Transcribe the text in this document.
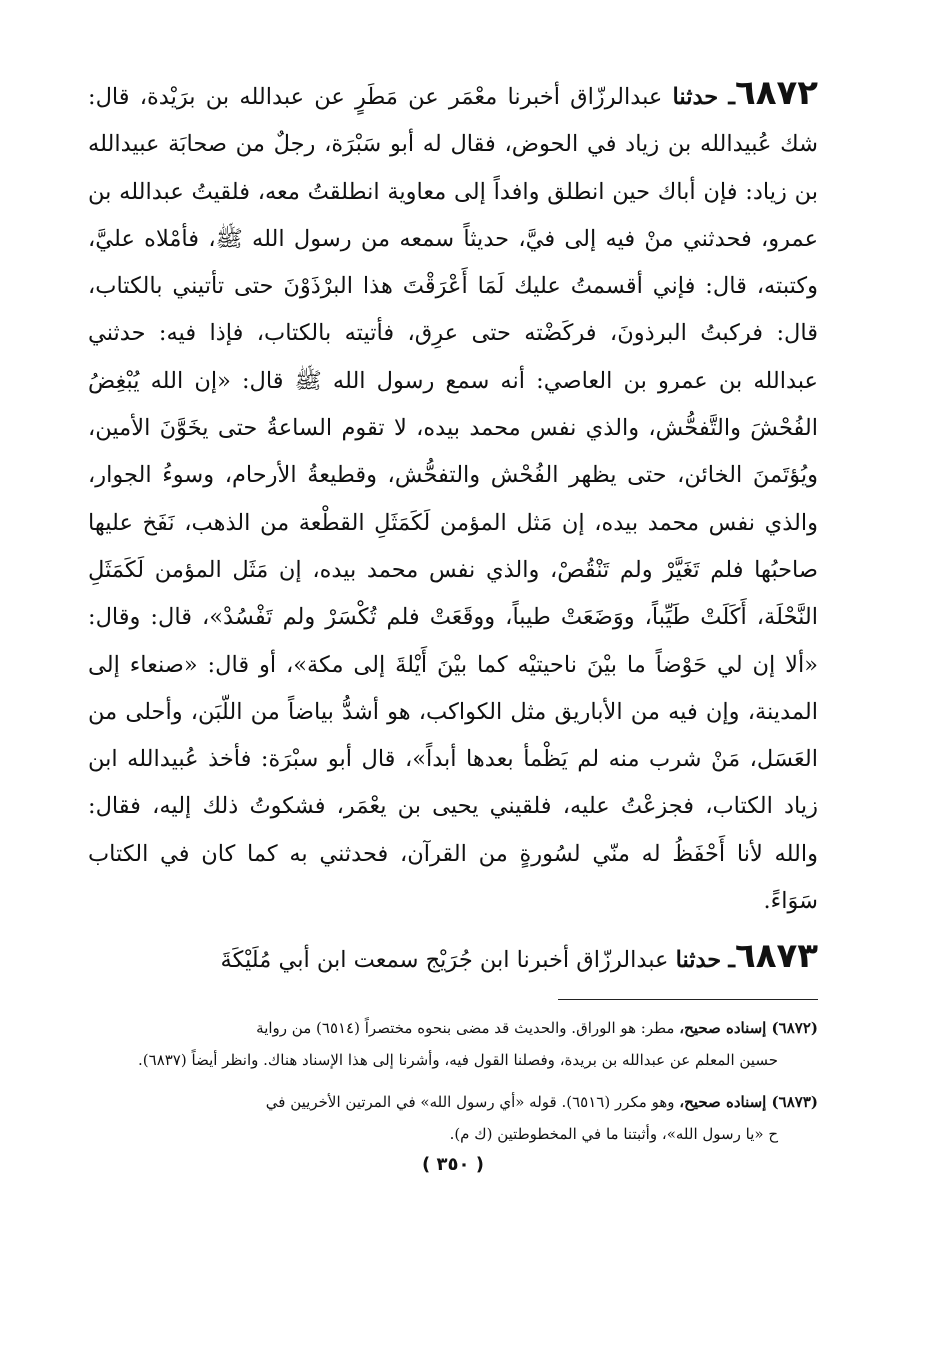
٦٨٧٢ـ حدثنا عبدالرزّاق أخبرنا معْمَر عن مَطَرٍ عن عبدالله بن برَيْدة، قال: شك عُبيدالله بن زياد في الحوض، فقال له أبو سَبْرَة، رجلٌ من صحابَة عبيدالله بن زياد: فإن أباك حين انطلق وافداً إلى معاوية انطلقتُ معه، فلقيتُ عبدالله بن عمرو، فحدثني منْ فيه إلى فيَّ، حديثاً سمعه من رسول الله ﷺ، فأمْلاه عليَّ، وكتبته، قال: فإني أقسمتُ عليك لَمَا أَعْرَقْتَ هذا البرْذَوْنَ حتى تأتيني بالكتاب، قال: فركبتُ البرذونَ، فركَضْته حتى عرِق، فأتيته بالكتاب، فإذا فيه: حدثني عبدالله بن عمرو بن العاصي: أنه سمع رسول الله ﷺ قال: «إن الله يُبْغِضُ الفُحْشَ والتَّفحُّش، والذي نفس محمد بيده، لا تقوم الساعةُ حتى يخَوَّنَ الأمين، ويُؤتَمنَ الخائن، حتى يظهر الفُحْش والتفحُّش، وقطيعةُ الأرحام، وسوءُ الجوار، والذي نفس محمد بيده، إن مَثل المؤمن لَكَمَثَلِ القطْعة من الذهب، نَفَخ عليها صاحبُها فلم تَغَيَّرْ ولم تَنْقُصْ، والذي نفس محمد بيده، إن مَثَل المؤمن لَكَمَثَلِ النَّحْلَة، أَكَلَتْ طَيِّباً، ووَضَعَتْ طيباً، ووقَعَتْ فلم تُكْسَرْ ولم تَفْسُدْ»، قال: وقال: «ألا إن لي حَوْضاً ما بيْنَ ناحيتيْه كما بيْنَ أَيْلةَ إلى مكة»، أو قال: «صنعاء إلى المدينة، وإن فيه من الأباريق مثل الكواكب، هو أشدُّ بياضاً من اللّبَن، وأحلى من العَسَل، مَنْ شرب منه لم يَظْمأ بعدها أبداً»، قال أبو سبْرَة: فأخذ عُبيدالله ابن زياد الكتاب، فجزعْتُ عليه، فلقيني يحيى بن يعْمَر، فشكوتُ ذلك إليه، فقال: والله لأنا أَحْفَظُ له منّي لسُورةٍ من القرآن، فحدثني به كما كان في الكتاب سَوَاءً.

٦٨٧٣ـ حدثنا عبدالرزّاق أخبرنا ابن جُرَيْج سمعت ابن أبي مُلَيْكَةَ

(٦٨٧٢) إسناده صحيح، مطر: هو الوراق. والحديث قد مضى بنحوه مختصراً (٦٥١٤) من رواية
حسين المعلم عن عبدالله بن بريدة، وفصلنا القول فيه، وأشرنا إلى هذا الإسناد هناك. وانظر أيضاً (٦٨٣٧).

(٦٨٧٣) إسناده صحيح، وهو مكرر (٦٥١٦). قوله «أي رسول الله» في المرتين الأخريين في
ح «يا رسول الله»، وأثبتنا ما في المخطوطتين (ك م).

( ٣٥٠ )
